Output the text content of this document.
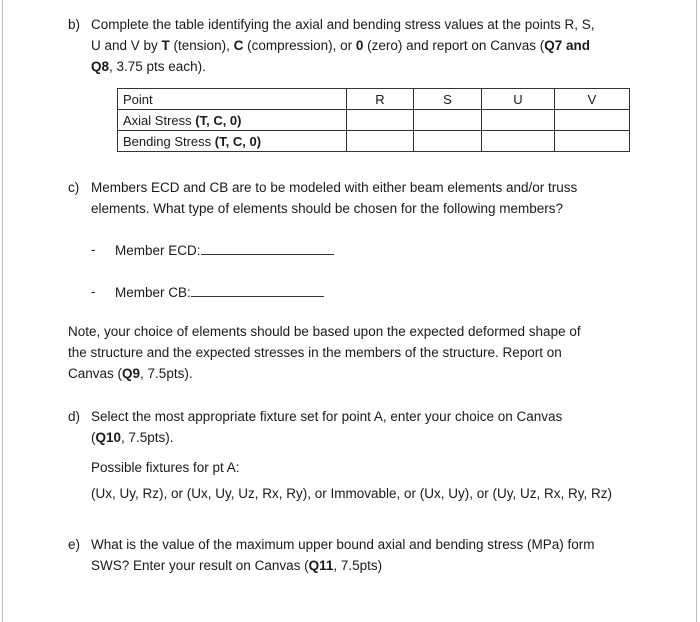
b) Complete the table identifying the axial and bending stress values at the points R, S,
U and V by T (tension), C (compression), or 0 (zero) and report on Canvas (Q7 and
Q8, 3.75 pts each).
Point	R	S	U	V
Axial Stress (T, C, 0)				
Bending Stress (T, C, 0)				
c) Members ECD and CB are to be modeled with either beam elements and/or truss
elements. What type of elements should be chosen for the following members?
- Member ECD:
- Member CB:
Note, your choice of elements should be based upon the expected deformed shape of
the structure and the expected stresses in the members of the structure. Report on
Canvas (Q9, 7.5pts).
d) Select the most appropriate fixture set for point A, enter your choice on Canvas
(Q10, 7.5pts).
Possible fixtures for pt A:
(Ux, Uy, Rz), or (Ux, Uy, Uz, Rx, Ry), or Immovable, or (Ux, Uy), or (Uy, Uz, Rx, Ry, Rz)
e) What is the value of the maximum upper bound axial and bending stress (MPa) form
SWS? Enter your result on Canvas (Q11, 7.5pts)
